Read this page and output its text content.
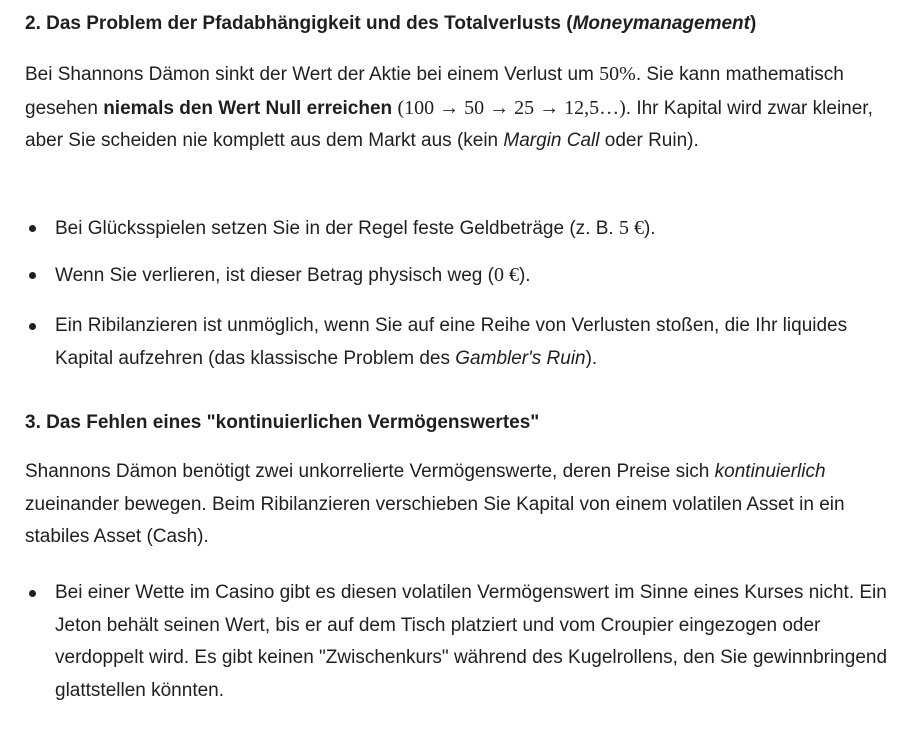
2. Das Problem der Pfadabhängigkeit und des Totalverlusts (Moneymanagement)

Bei Shannons Dämon sinkt der Wert der Aktie bei einem Verlust um 50%. Sie kann mathematisch gesehen niemals den Wert Null erreichen (100 → 50 → 25 → 12,5…). Ihr Kapital wird zwar kleiner, aber Sie scheiden nie komplett aus dem Markt aus (kein Margin Call oder Ruin).

Bei Glücksspielen setzen Sie in der Regel feste Geldbeträge (z. B. 5 €).
Wenn Sie verlieren, ist dieser Betrag physisch weg (0 €).
Ein Ribilanzieren ist unmöglich, wenn Sie auf eine Reihe von Verlusten stoßen, die Ihr liquides Kapital aufzehren (das klassische Problem des Gambler's Ruin).
3. Das Fehlen eines "kontinuierlichen Vermögenswertes"

Shannons Dämon benötigt zwei unkorrelierte Vermögenswerte, deren Preise sich kontinuierlich zueinander bewegen. Beim Ribilanzieren verschieben Sie Kapital von einem volatilen Asset in ein stabiles Asset (Cash).

Bei einer Wette im Casino gibt es diesen volatilen Vermögenswert im Sinne eines Kurses nicht. Ein Jeton behält seinen Wert, bis er auf dem Tisch platziert und vom Croupier eingezogen oder verdoppelt wird. Es gibt keinen "Zwischenkurs" während des Kugelrollens, den Sie gewinnbringend glattstellen könnten.
